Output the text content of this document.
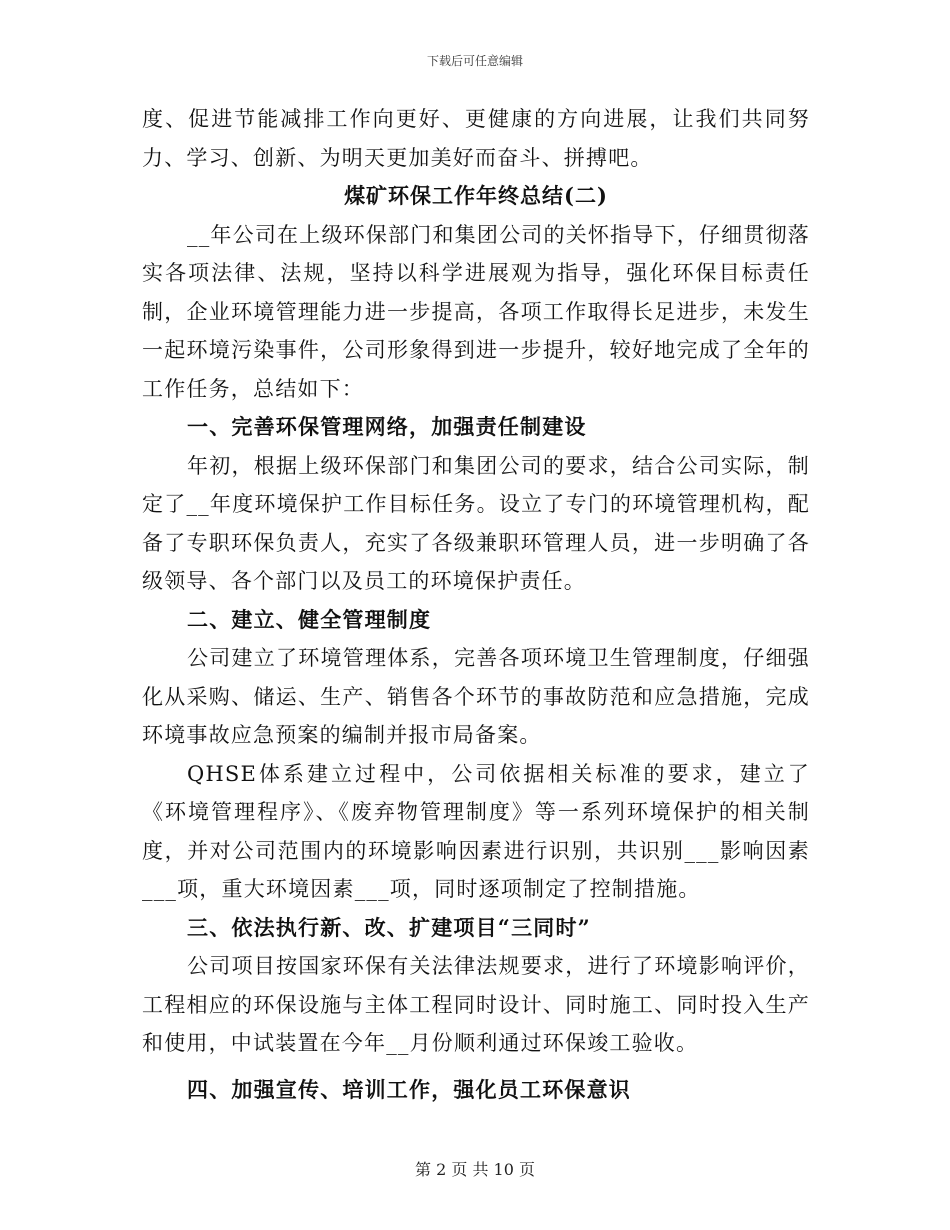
下载后可任意编辑

度、促进节能减排工作向更好、更健康的方向进展，让我们共同努力、学习、创新、为明天更加美好而奋斗、拼搏吧。

煤矿环保工作年终总结(二)

__年公司在上级环保部门和集团公司的关怀指导下，仔细贯彻落实各项法律、法规，坚持以科学进展观为指导，强化环保目标责任制，企业环境管理能力进一步提高，各项工作取得长足进步，未发生一起环境污染事件，公司形象得到进一步提升，较好地完成了全年的工作任务，总结如下：

一、完善环保管理网络，加强责任制建设

年初，根据上级环保部门和集团公司的要求，结合公司实际，制定了__年度环境保护工作目标任务。设立了专门的环境管理机构，配备了专职环保负责人，充实了各级兼职环管理人员，进一步明确了各级领导、各个部门以及员工的环境保护责任。

二、建立、健全管理制度

公司建立了环境管理体系，完善各项环境卫生管理制度，仔细强化从采购、储运、生产、销售各个环节的事故防范和应急措施，完成环境事故应急预案的编制并报市局备案。

QHSE体系建立过程中，公司依据相关标准的要求，建立了《环境管理程序》、《废弃物管理制度》等一系列环境保护的相关制度，并对公司范围内的环境影响因素进行识别，共识别___影响因素___项，重大环境因素___项，同时逐项制定了控制措施。

三、依法执行新、改、扩建项目“三同时”

公司项目按国家环保有关法律法规要求，进行了环境影响评价，工程相应的环保设施与主体工程同时设计、同时施工、同时投入生产和使用，中试装置在今年__月份顺利通过环保竣工验收。

四、加强宣传、培训工作，强化员工环保意识

第 2 页 共 10 页
